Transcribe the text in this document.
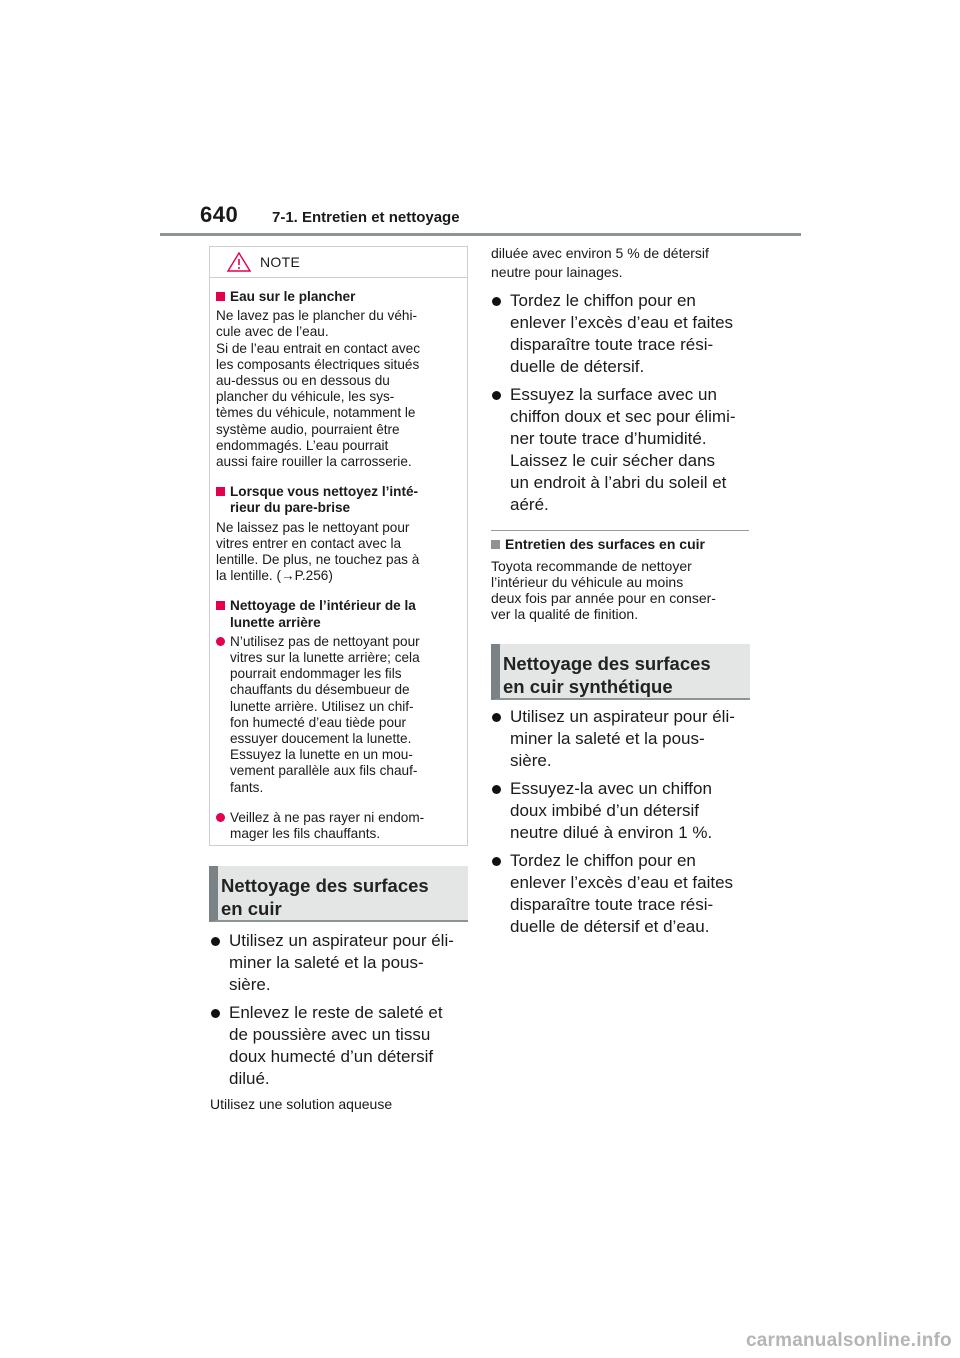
640 7-1. Entretien et nettoyage
NOTE
Eau sur le plancher
Ne lavez pas le plancher du véhi-
cule avec de l’eau.
Si de l’eau entrait en contact avec
les composants électriques situés
au-dessus ou en dessous du
plancher du véhicule, les sys-
tèmes du véhicule, notamment le
système audio, pourraient être
endommagés. L’eau pourrait
aussi faire rouiller la carrosserie.
Lorsque vous nettoyez l’inté-
rieur du pare-brise
Ne laissez pas le nettoyant pour
vitres entrer en contact avec la
lentille. De plus, ne touchez pas à
la lentille. (→P.256)
Nettoyage de l’intérieur de la
lunette arrière
N’utilisez pas de nettoyant pour
vitres sur la lunette arrière; cela
pourrait endommager les fils
chauffants du désembueur de
lunette arrière. Utilisez un chif-
fon humecté d’eau tiède pour
essuyer doucement la lunette.
Essuyez la lunette en un mou-
vement parallèle aux fils chauf-
fants.
Veillez à ne pas rayer ni endom-
mager les fils chauffants.
Nettoyage des surfaces
en cuir
Utilisez un aspirateur pour éli-
miner la saleté et la pous-
sière.
Enlevez le reste de saleté et
de poussière avec un tissu
doux humecté d’un détersif
dilué.
Utilisez une solution aqueuse
diluée avec environ 5 % de détersif
neutre pour lainages.
Tordez le chiffon pour en
enlever l’excès d’eau et faites
disparaître toute trace rési-
duelle de détersif.
Essuyez la surface avec un
chiffon doux et sec pour élimi-
ner toute trace d’humidité.
Laissez le cuir sécher dans
un endroit à l’abri du soleil et
aéré.
Entretien des surfaces en cuir
Toyota recommande de nettoyer
l’intérieur du véhicule au moins
deux fois par année pour en conser-
ver la qualité de finition.
Nettoyage des surfaces
en cuir synthétique
Utilisez un aspirateur pour éli-
miner la saleté et la pous-
sière.
Essuyez-la avec un chiffon
doux imbibé d’un détersif
neutre dilué à environ 1 %.
Tordez le chiffon pour en
enlever l’excès d’eau et faites
disparaître toute trace rési-
duelle de détersif et d’eau.
carmanualsonline.info
